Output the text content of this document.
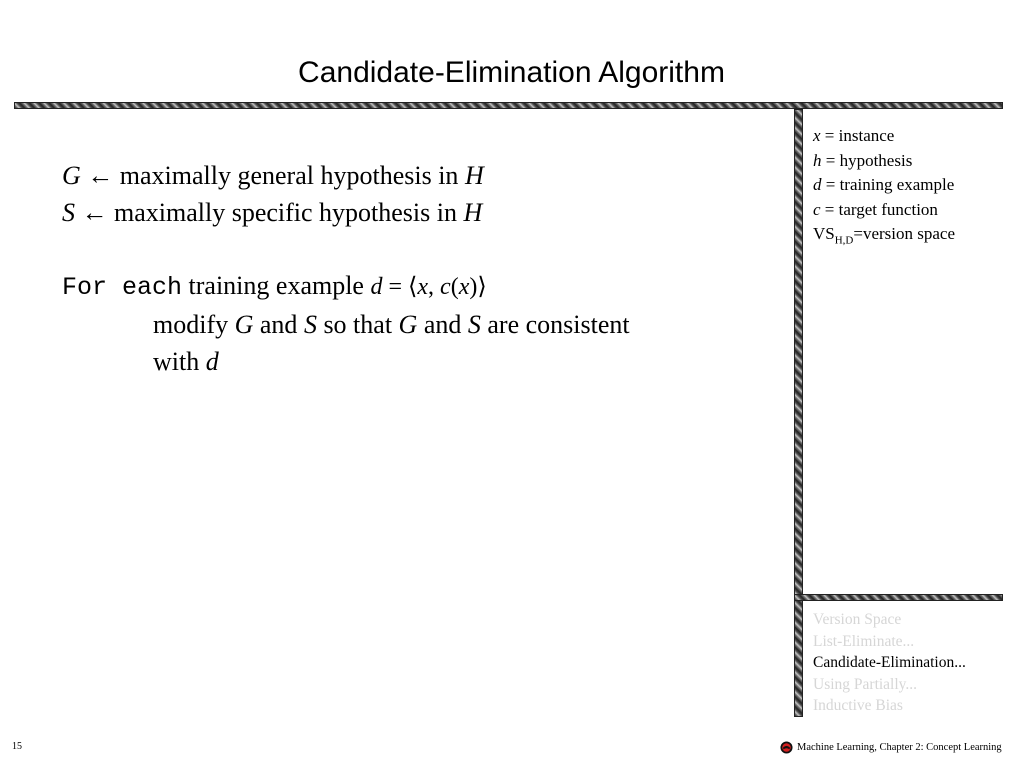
Candidate-Elimination Algorithm
G ← maximally general hypothesis in H
S ← maximally specific hypothesis in H
For each training example d = ⟨x, c(x)⟩
modify G and S so that G and S are consistent
with d
x = instance
h = hypothesis
d = training example
c = target function
$VS_{H,D}=version$ space
Version Space
List-Eliminate...
Candidate-Elimination...
Using Partially...
Inductive Bias
15	Machine Learning, Chapter 2: Concept Learning
